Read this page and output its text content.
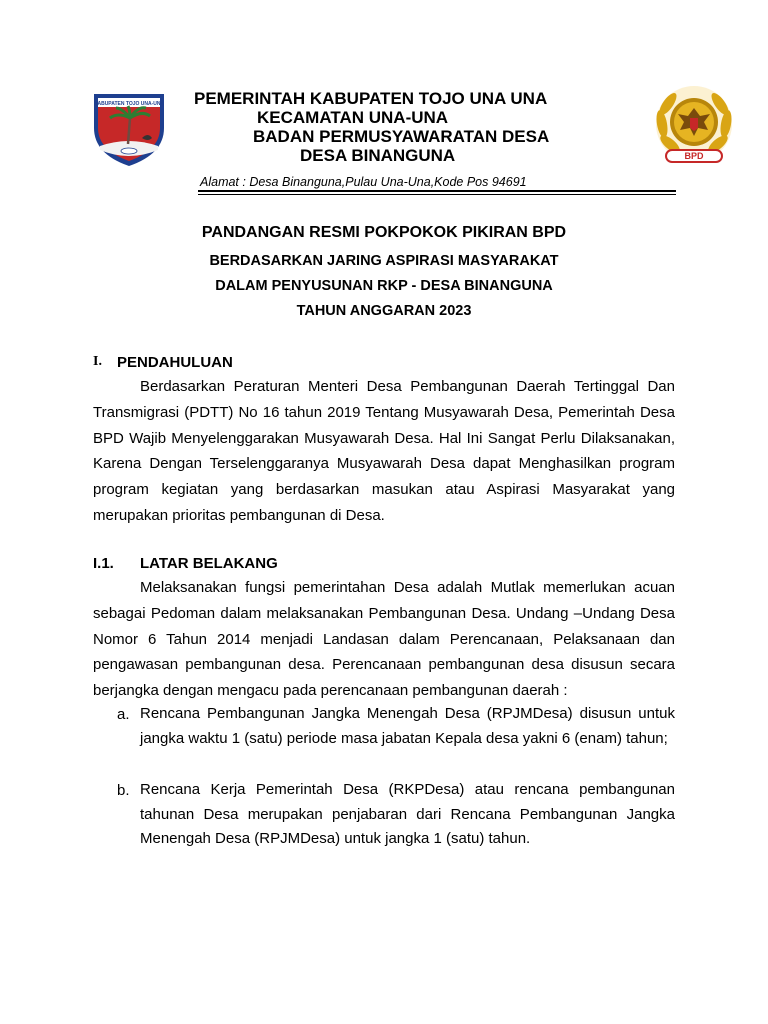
KABUPATEN TOJO UNA-UNA
BPD
PEMERINTAH KABUPATEN TOJO UNA UNA
KECAMATAN UNA-UNA
BADAN PERMUSYAWARATAN DESA
DESA BINANGUNA
Alamat : Desa Binanguna,Pulau Una-Una,Kode Pos 94691
PANDANGAN RESMI POKPOKOK PIKIRAN BPD
BERDASARKAN JARING ASPIRASI MASYARAKAT
DALAM PENYUSUNAN RKP - DESA BINANGUNA
TAHUN ANGGARAN 2023
I. PENDAHULUAN

Berdasarkan Peraturan Menteri Desa Pembangunan Daerah Tertinggal Dan Transmigrasi (PDTT) No 16 tahun 2019 Tentang Musyawarah Desa, Pemerintah Desa BPD Wajib Menyelenggarakan Musyawarah Desa. Hal Ini Sangat Perlu Dilaksanakan, Karena Dengan Terselenggaranya Musyawarah Desa dapat Menghasilkan program program kegiatan yang berdasarkan masukan atau Aspirasi Masyarakat yang merupakan prioritas pembangunan di Desa.

I.1. LATAR BELAKANG

Melaksanakan fungsi pemerintahan Desa adalah Mutlak memerlukan acuan sebagai Pedoman dalam melaksanakan Pembangunan Desa. Undang –Undang Desa Nomor 6 Tahun 2014 menjadi Landasan dalam Perencanaan, Pelaksanaan dan pengawasan pembangunan desa. Perencanaan pembangunan desa disusun secara berjangka dengan mengacu pada perencanaan pembangunan daerah :

a. Rencana Pembangunan Jangka Menengah Desa (RPJMDesa) disusun untuk jangka waktu 1 (satu) periode masa jabatan Kepala desa yakni 6 (enam) tahun;

b. Rencana Kerja Pemerintah Desa (RKPDesa) atau rencana pembangunan tahunan Desa merupakan penjabaran dari Rencana Pembangunan Jangka Menengah Desa (RPJMDesa) untuk jangka 1 (satu) tahun.
